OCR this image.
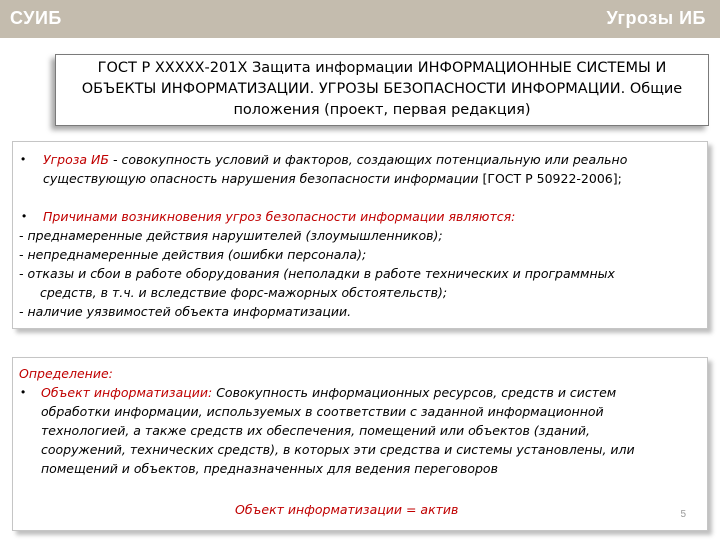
СУИБ	Угрозы ИБ
ГОСТ Р ХХХХХ-201Х Защита информации ИНФОРМАЦИОННЫЕ СИСТЕМЫ И
ОБЪЕКТЫ ИНФОРМАТИЗАЦИИ. УГРОЗЫ БЕЗОПАСНОСТИ ИНФОРМАЦИИ. Общие
положения (проект, первая редакция)
• Угроза ИБ - совокупность условий и факторов, создающих потенциальную или реально
существующую опасность нарушения безопасности информации [ГОСТ Р 50922-2006];
• Причинами возникновения угроз безопасности информации являются:
- преднамеренные действия нарушителей (злоумышленников);
- непреднамеренные действия (ошибки персонала);
- отказы и сбои в работе оборудования (неполадки в работе технических и программных
средств, в т.ч. и вследствие форс-мажорных обстоятельств);
- наличие уязвимостей объекта информатизации.
Определение:
• Объект информатизации: Совокупность информационных ресурсов, средств и систем
обработки информации, используемых в соответствии с заданной информационной
технологией, а также средств их обеспечения, помещений или объектов (зданий,
сооружений, технических средств), в которых эти средства и системы установлены, или
помещений и объектов, предназначенных для ведения переговоров
Объект информатизации = актив	5
